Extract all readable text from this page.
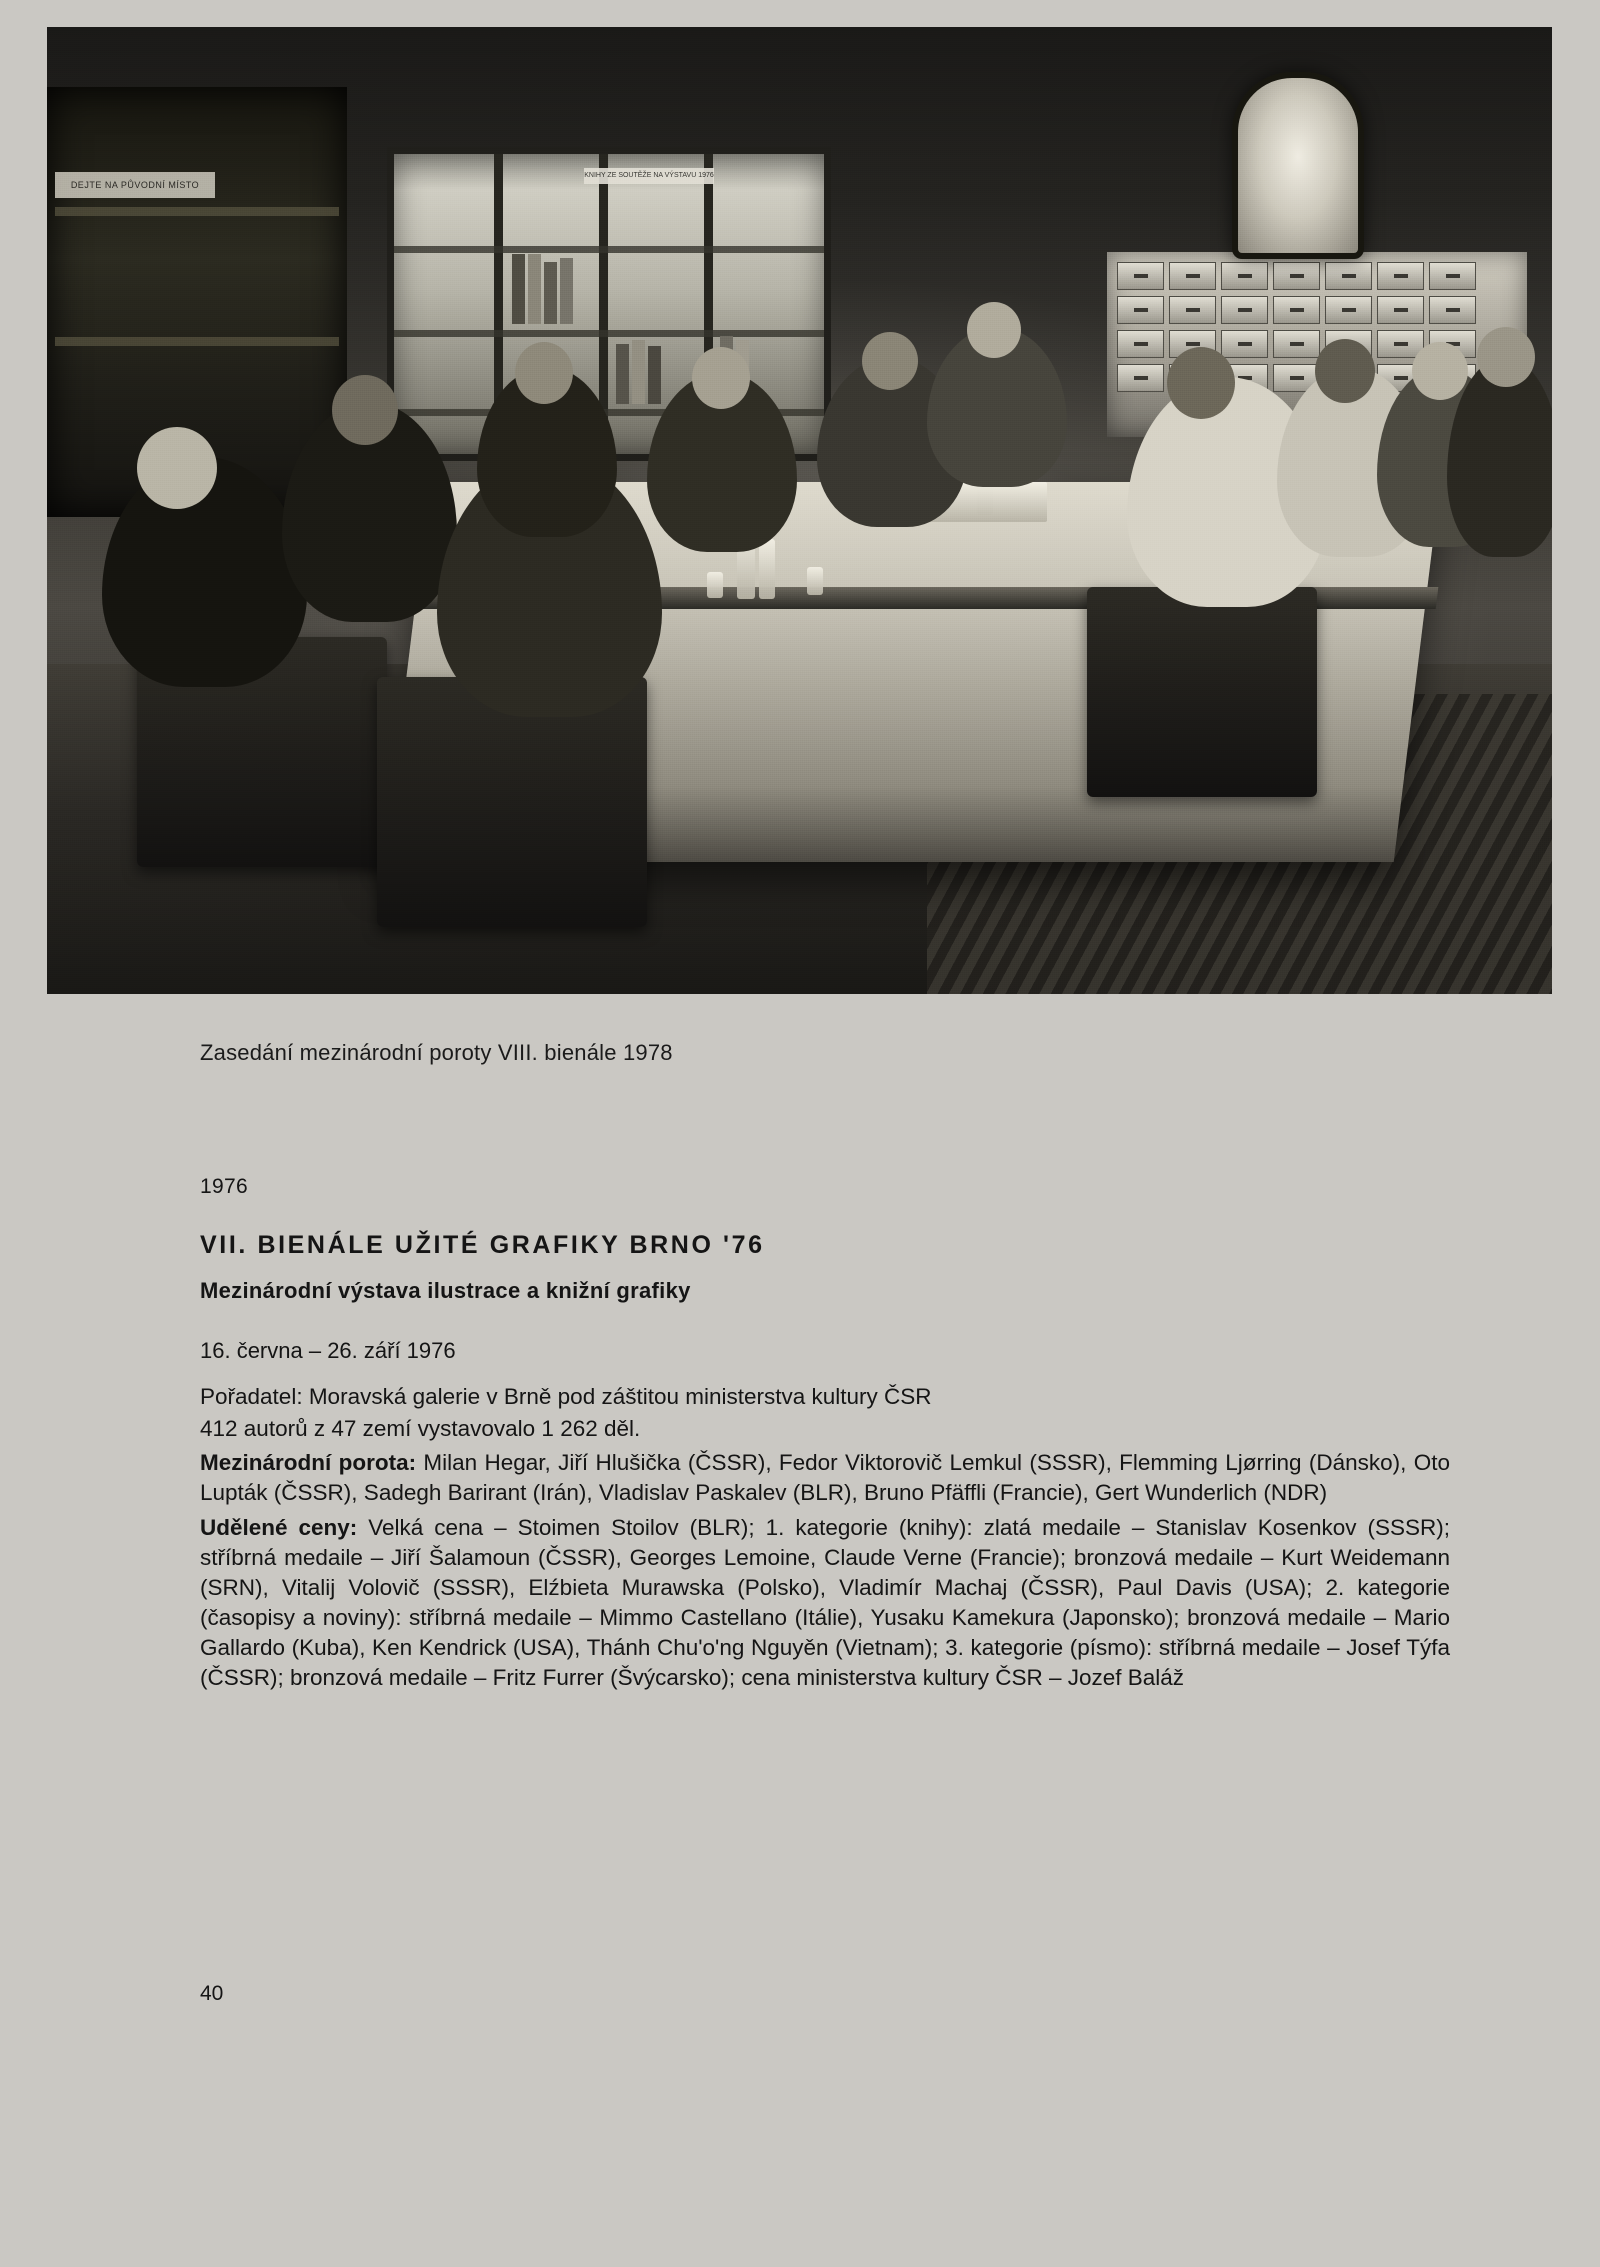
DEJTE NA PŮVODNÍ MÍSTO
KNIHY ZE SOUTĚŽE NA VÝSTAVU 1976
Zasedání mezinárodní poroty VIII. bienále 1978
1976
VII. BIENÁLE UŽITÉ GRAFIKY BRNO '76
Mezinárodní výstava ilustrace a knižní grafiky
16. června – 26. září 1976
Pořadatel: Moravská galerie v Brně pod záštitou ministerstva kultury ČSR
412 autorů z 47 zemí vystavovalo 1 262 děl.
Mezinárodní porota: Milan Hegar, Jiří Hlušička (ČSSR), Fedor Viktorovič Lemkul (SSSR), Flemming Ljørring (Dánsko), Oto Lupták (ČSSR), Sadegh Barirant (Irán), Vladislav Paskalev (BLR), Bruno Pfäffli (Francie), Gert Wunderlich (NDR)
Udělené ceny: Velká cena – Stoimen Stoilov (BLR); 1. kategorie (knihy): zlatá medaile – Stanislav Kosenkov (SSSR); stříbrná medaile – Jiří Šalamoun (ČSSR), Georges Lemoine, Claude Verne (Francie); bronzová medaile – Kurt Weidemann (SRN), Vitalij Volovič (SSSR), Elźbieta Murawska (Polsko), Vladimír Machaj (ČSSR), Paul Davis (USA); 2. kategorie (časopisy a noviny): stříbrná medaile – Mimmo Castellano (Itálie), Yusaku Kamekura (Japonsko); bronzová medaile – Mario Gallardo (Kuba), Ken Kendrick (USA), Thánh Chu'o'ng Nguyěn (Vietnam); 3. kategorie (písmo): stříbrná medaile – Josef Týfa (ČSSR); bronzová medaile – Fritz Furrer (Švýcarsko); cena ministerstva kultury ČSR – Jozef Baláž
40
